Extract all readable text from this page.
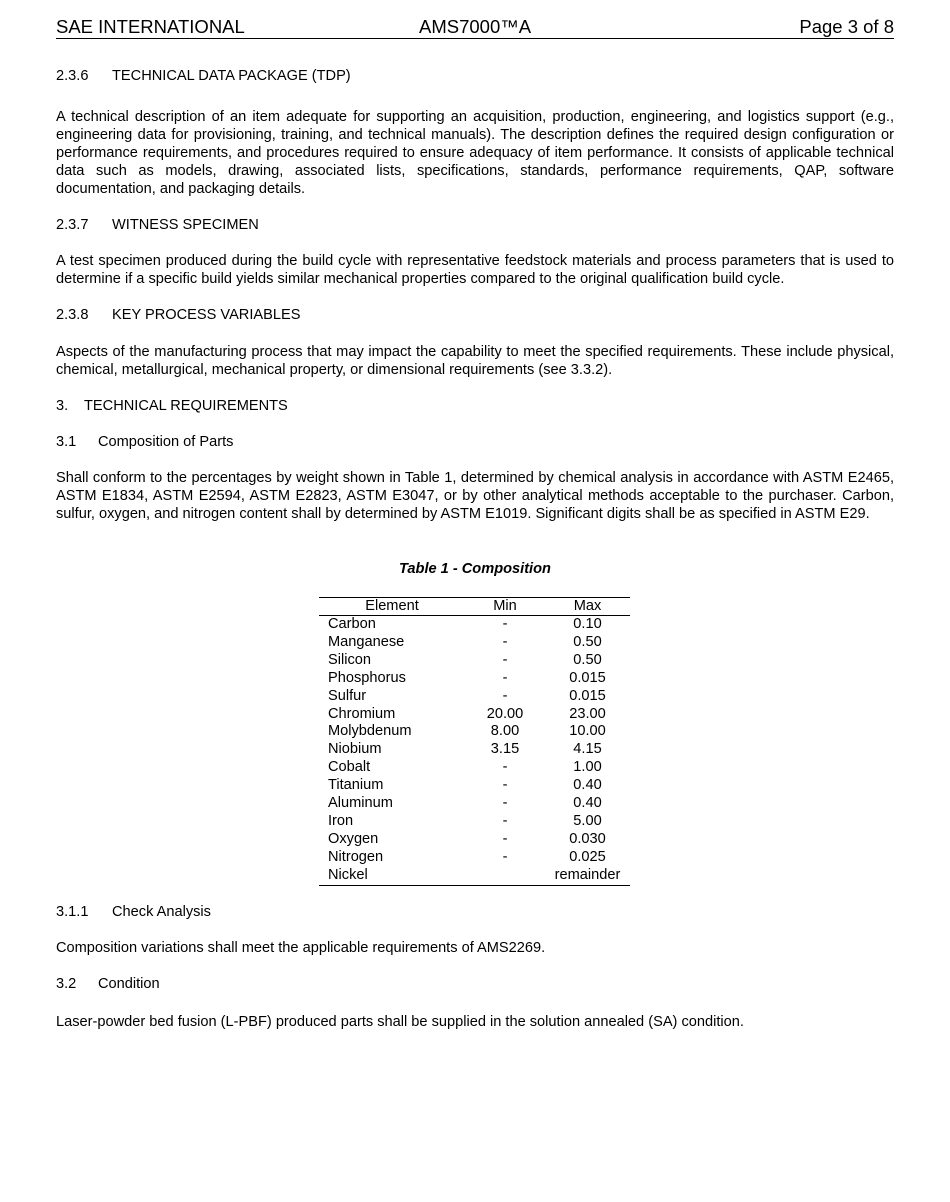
SAE INTERNATIONAL	AMS7000™A	Page 3 of 8
2.3.6 TECHNICAL DATA PACKAGE (TDP)
A technical description of an item adequate for supporting an acquisition, production, engineering, and logistics support (e.g., engineering data for provisioning, training, and technical manuals). The description defines the required design configuration or performance requirements, and procedures required to ensure adequacy of item performance. It consists of applicable technical data such as models, drawing, associated lists, specifications, standards, performance requirements, QAP, software documentation, and packaging details.
2.3.7 WITNESS SPECIMEN
A test specimen produced during the build cycle with representative feedstock materials and process parameters that is used to determine if a specific build yields similar mechanical properties compared to the original qualification build cycle.
2.3.8 KEY PROCESS VARIABLES
Aspects of the manufacturing process that may impact the capability to meet the specified requirements. These include physical, chemical, metallurgical, mechanical property, or dimensional requirements (see 3.3.2).
3. TECHNICAL REQUIREMENTS
3.1 Composition of Parts
Shall conform to the percentages by weight shown in Table 1, determined by chemical analysis in accordance with ASTM E2465, ASTM E1834, ASTM E2594, ASTM E2823, ASTM E3047, or by other analytical methods acceptable to the purchaser. Carbon, sulfur, oxygen, and nitrogen content shall by determined by ASTM E1019. Significant digits shall be as specified in ASTM E29.
Table 1 - Composition
Element	Min	Max
Carbon	-	0.10
Manganese	-	0.50
Silicon	-	0.50
Phosphorus	-	0.015
Sulfur	-	0.015
Chromium	20.00	23.00
Molybdenum	8.00	10.00
Niobium	3.15	4.15
Cobalt	-	1.00
Titanium	-	0.40
Aluminum	-	0.40
Iron	-	5.00
Oxygen	-	0.030
Nitrogen	-	0.025
Nickel		remainder
3.1.1 Check Analysis
Composition variations shall meet the applicable requirements of AMS2269.
3.2 Condition
Laser-powder bed fusion (L-PBF) produced parts shall be supplied in the solution annealed (SA) condition.
